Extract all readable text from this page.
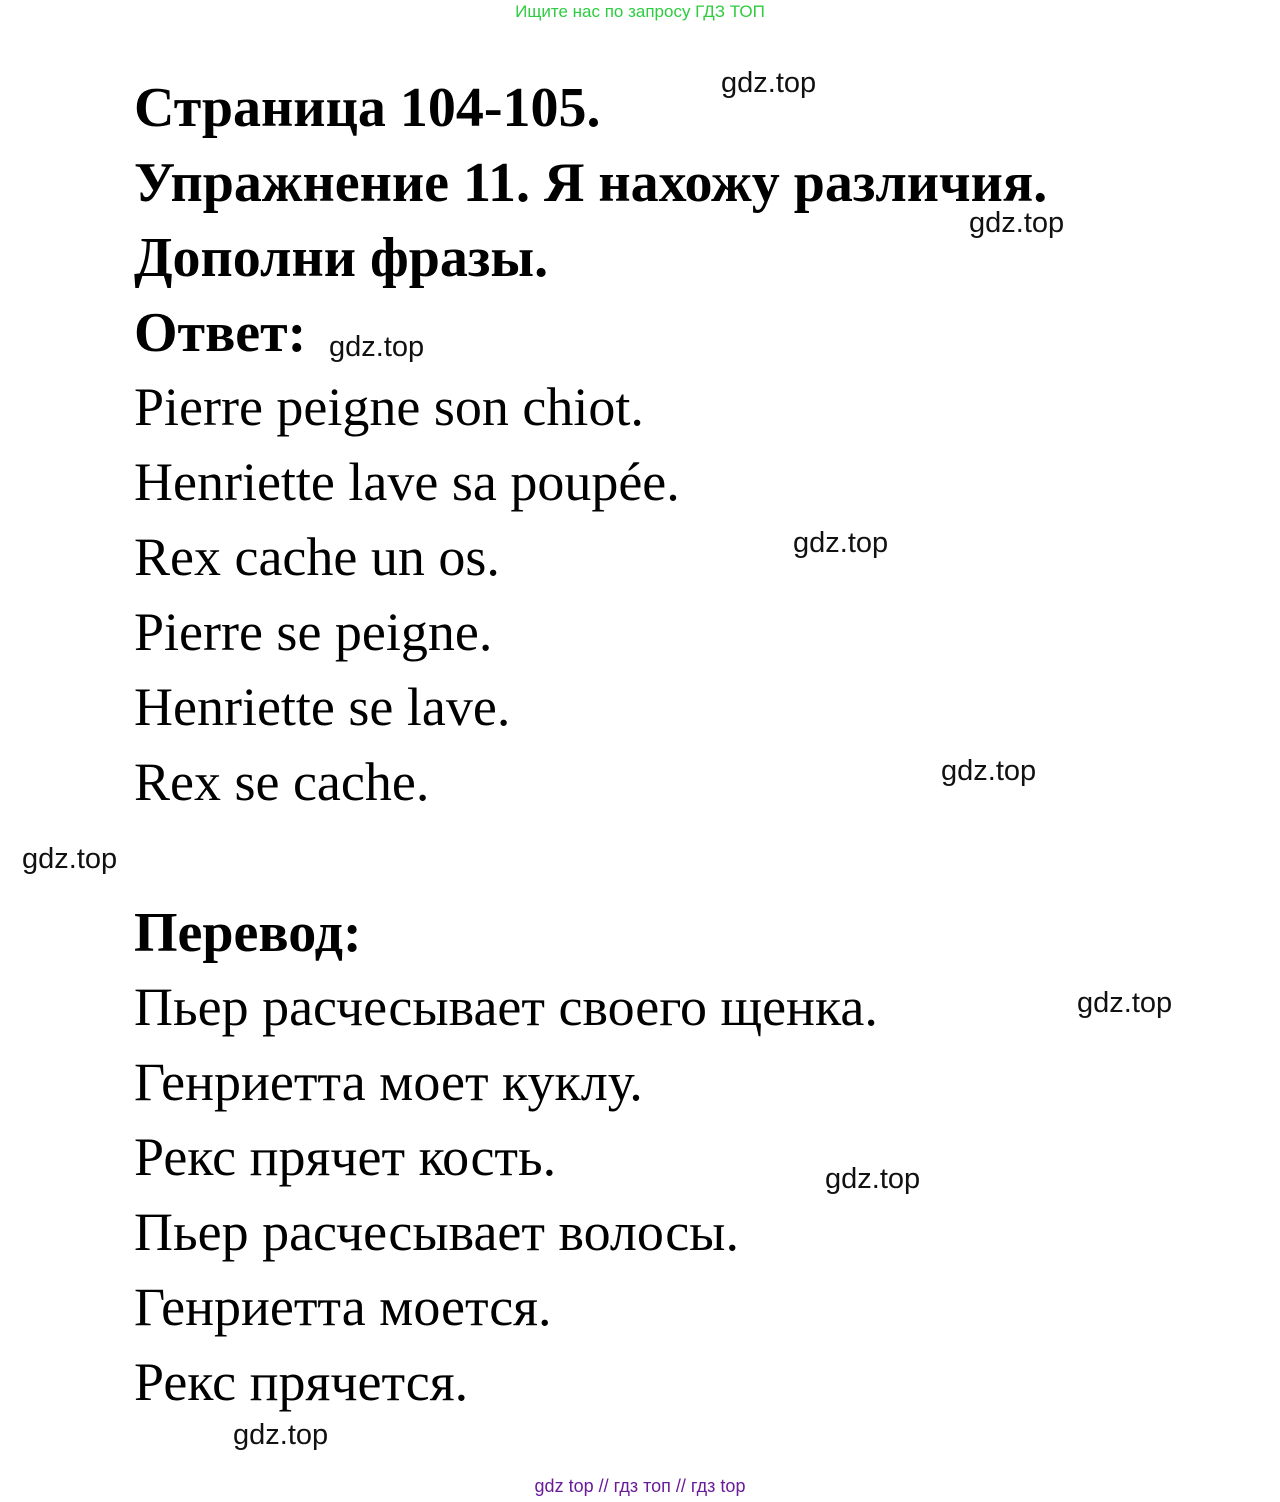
Ищите нас по запросу ГДЗ ТОП
Страница 104-105.
Упражнение 11. Я нахожу различия.
Дополни фразы.
Ответ:
Pierre peigne son chiot.
Henriette lave sa poupée.
Rex cache un os.
Pierre se peigne.
Henriette se lave.
Rex se cache.
Перевод:
Пьер расчесывает своего щенка.
Генриетта моет куклу.
Рекс прячет кость.
Пьер расчесывает волосы.
Генриетта моется.
Рекс прячется.
gdz.top
gdz.top
gdz.top
gdz.top
gdz.top
gdz.top
gdz.top
gdz.top
gdz.top
gdz top // гдз топ // гдз top
